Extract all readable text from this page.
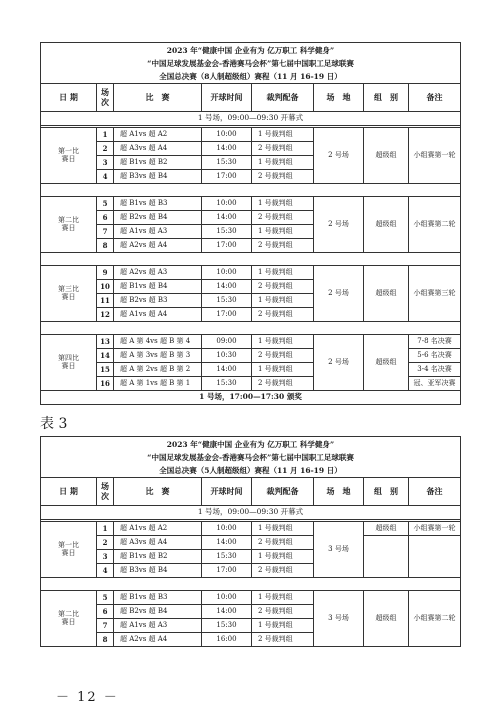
2023 年“健康中国 企业有为 亿万职工 科学健身”
“中国足球发展基金会-香港赛马会杯”第七届中国职工足球联赛
全国总决赛（8人制超级组）赛程（11 月 16-19 日）							

日 期	场次	比　赛	开球时间	裁判配备	场　地	组　别	备注
1 号场，09:00—09:30 开幕式							

第一比赛日	1	超 A1vs 超 A2	10:00	1 号裁判组	2 号场	超级组	小组赛第一轮
	2	超 A3vs 超 A4	14:00	2 号裁判组			
	3	超 B1vs 超 B2	15:30	1 号裁判组			
	4	超 B3vs 超 B4	17:00	2 号裁判组			

第二比赛日	5	超 B1vs 超 B3	10:00	1 号裁判组	2 号场	超级组	小组赛第二轮
	6	超 B2vs 超 B4	14:00	2 号裁判组			
	7	超 A1vs 超 A3	15:30	1 号裁判组			
	8	超 A2vs 超 A4	17:00	2 号裁判组			

第三比赛日	9	超 A2vs 超 A3	10:00	1 号裁判组	2 号场	超级组	小组赛第三轮
	10	超 B1vs 超 B4	14:00	2 号裁判组			
	11	超 B2vs 超 B3	15:30	1 号裁判组			
	12	超 A1vs 超 A4	17:00	2 号裁判组			

第四比赛日	13	超 A 第 4vs 超 B 第 4	09:00	1 号裁判组	2 号场	超级组	7-8 名决赛
	14	超 A 第 3vs 超 B 第 3	10:30	2 号裁判组			5-6 名决赛
	15	超 A 第 2vs 超 B 第 2	14:00	1 号裁判组			3-4 名决赛
	16	超 A 第 1vs 超 B 第 1	15:30	2 号裁判组			冠、亚军决赛
1 号场，17:00—17:30 颁奖							
表 3
2023 年“健康中国 企业有为 亿万职工 科学健身”
“中国足球发展基金会-香港赛马会杯”第七届中国职工足球联赛
全国总决赛（5人制超级组）赛程（11 月 16-19 日）							

日 期	场次	比　赛	开球时间	裁判配备	场　地	组　别	备注
1 号场，09:00—09:30 开幕式							

第一比赛日	1	超 A1vs 超 A2	10:00	1 号裁判组	3 号场	超级组	小组赛第一轮
	2	超 A3vs 超 A4	14:00	2 号裁判组			
	3	超 B1vs 超 B2	15:30	1 号裁判组			
	4	超 B3vs 超 B4	17:00	2 号裁判组			

第二比赛日	5	超 B1vs 超 B3	10:00	1 号裁判组	3 号场	超级组	小组赛第二轮
	6	超 B2vs 超 B4	14:00	2 号裁判组			
	7	超 A1vs 超 A3	15:30	1 号裁判组			
	8	超 A2vs 超 A4	16:00	2 号裁判组			
－ 12 －
